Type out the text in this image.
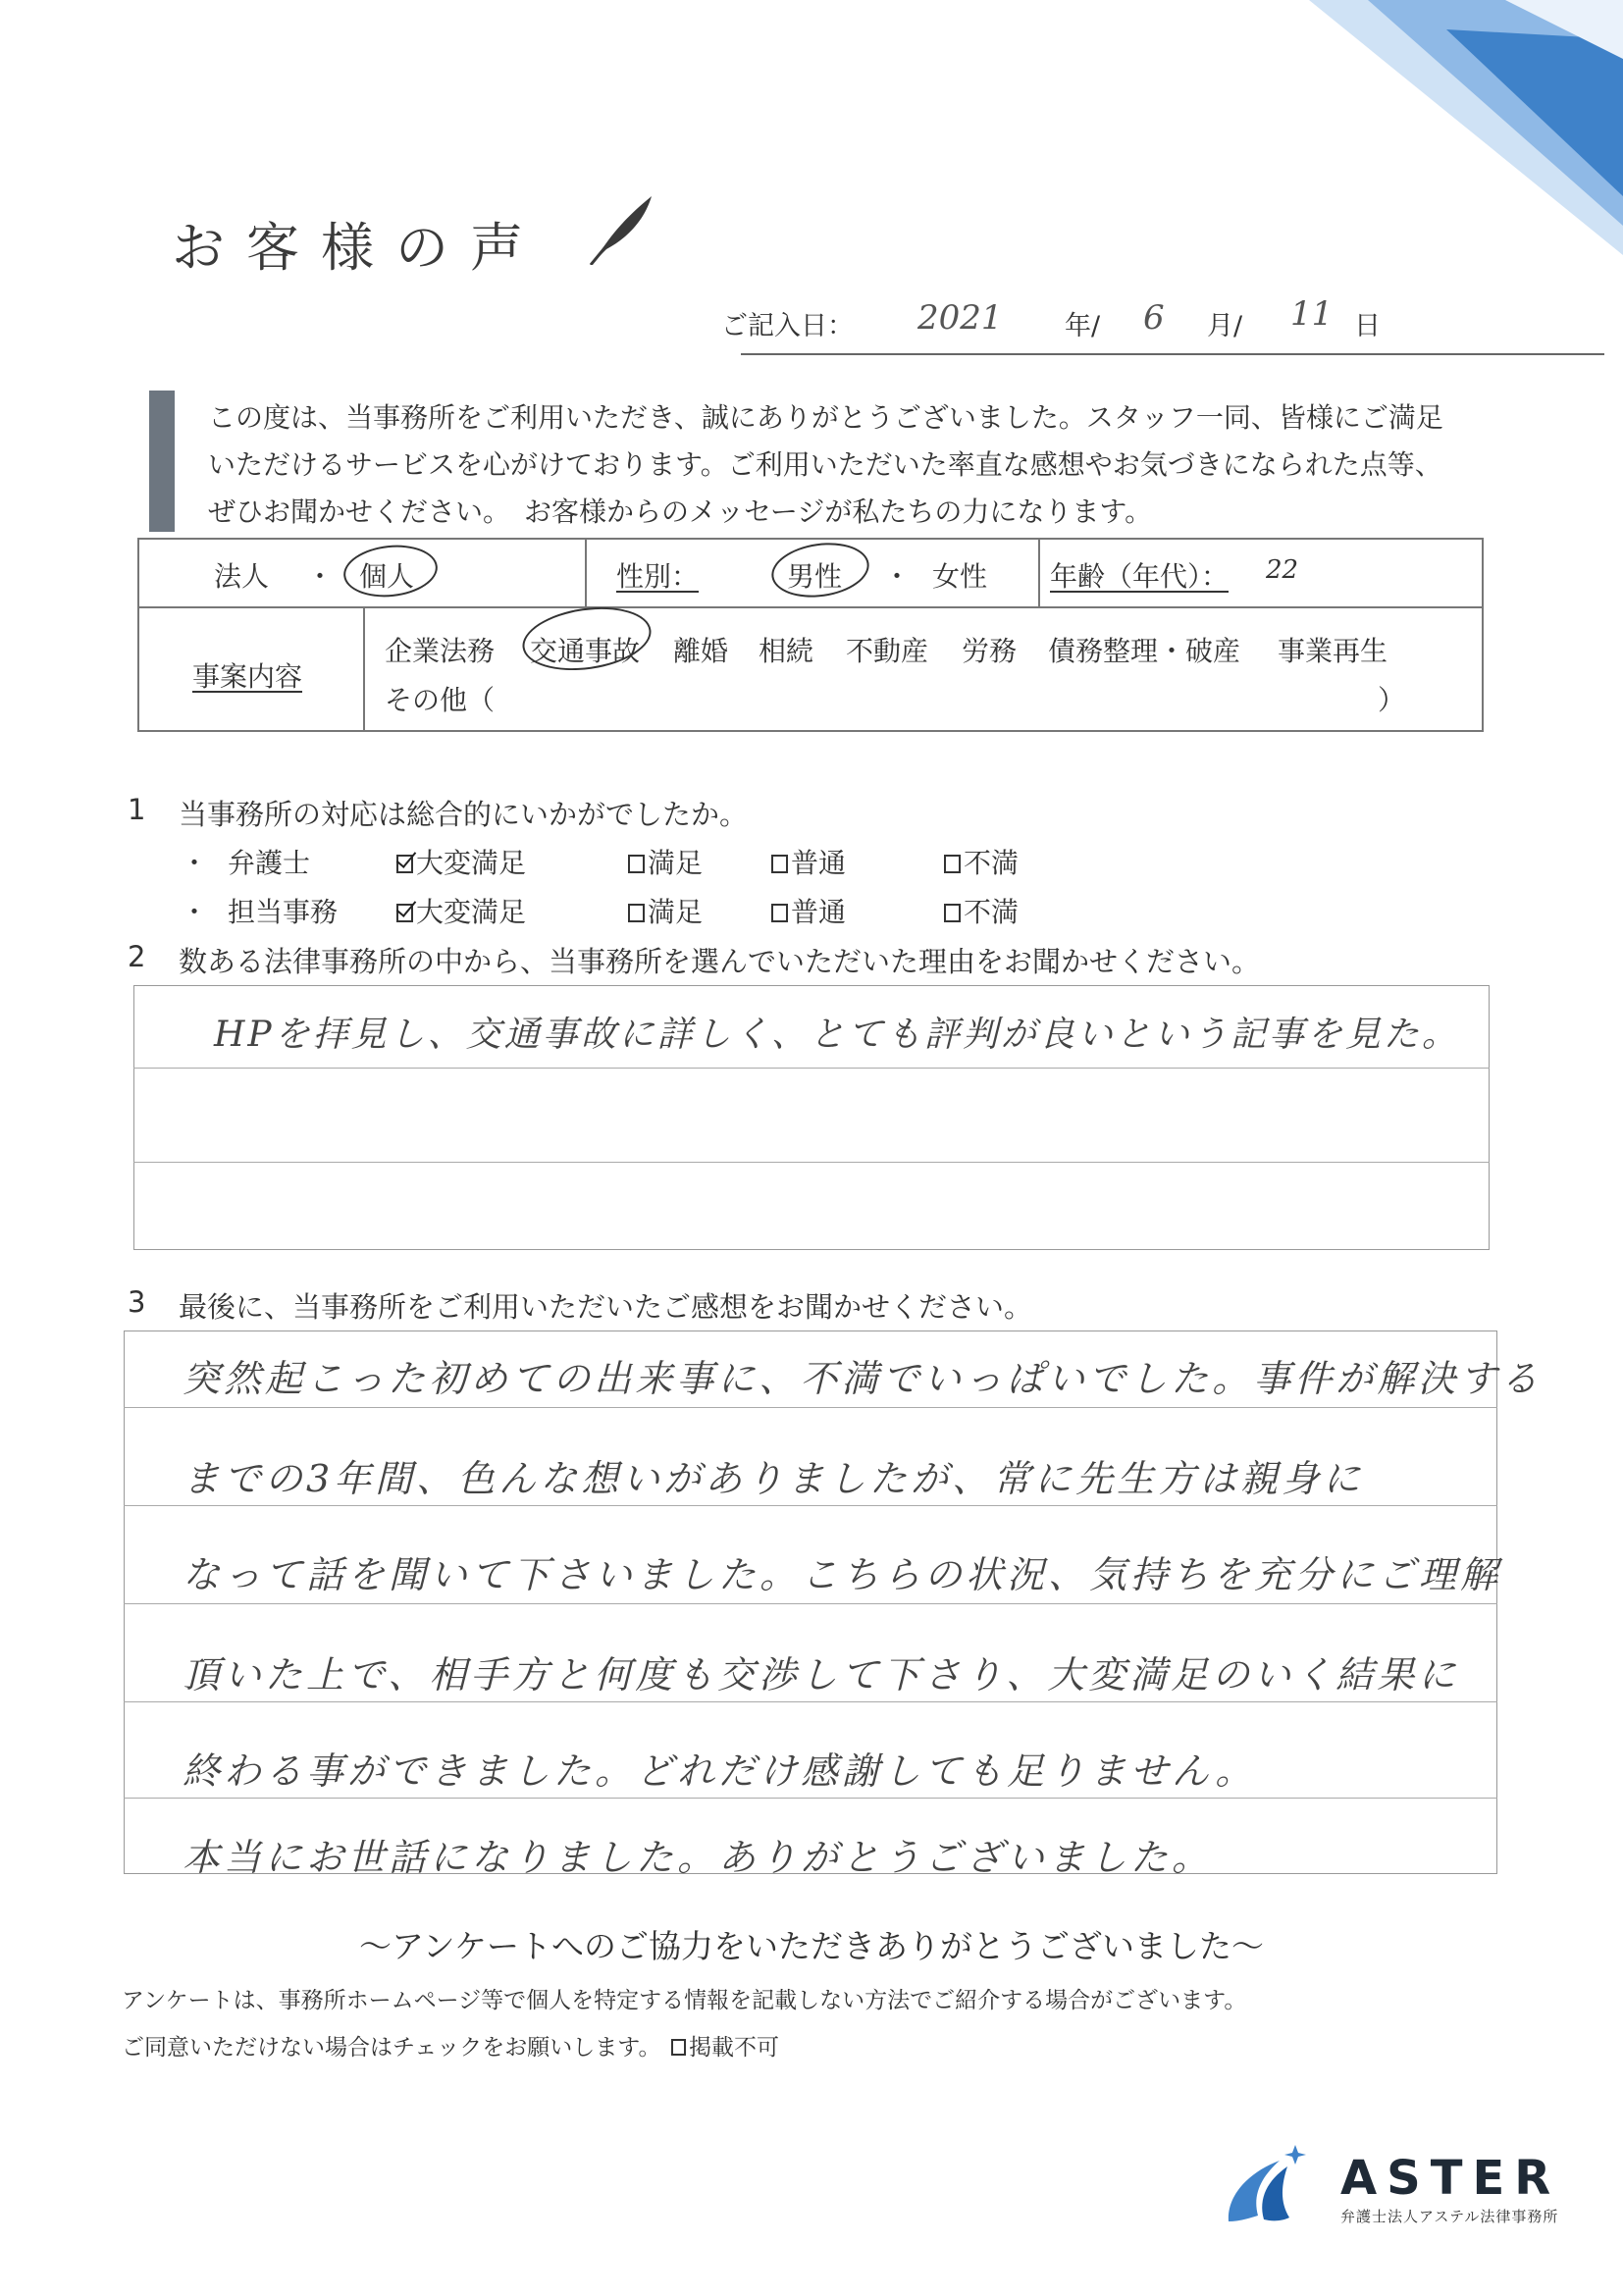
お客様の声
ご記入日： 2021 年/ 6 月/ 11 日

この度は、当事務所をご利用いただき、誠にありがとうございました。スタッフ一同、皆様にご満足

いただけるサービスを心がけております。ご利用いただいた率直な感想やお気づきになられた点等、

ぜひお聞かせください。　お客様からのメッセージが私たちの力になります。

法人 ・ 個人	性別：	男性 ・ 女性 年齢（年代）： 22
事案内容
企業法務 交通事故 離婚 相続 不動産 労務 債務整理・破産 事業再生
その他（	）
1 当事務所の対応は総合的にいかがでしたか。
・ 弁護士	大変満足	満足	普通	不満
・ 担当事務	大変満足	満足	普通	不満
2 数ある法律事務所の中から、当事務所を選んでいただいた理由をお聞かせください。
HPを拝見し、交通事故に詳しく、とても評判が良いという記事を見た。
3 最後に、当事務所をご利用いただいたご感想をお聞かせください。
突然起こった初めての出来事に、不満でいっぱいでした。事件が解決する
までの3年間、色んな想いがありましたが、常に先生方は親身に
なって話を聞いて下さいました。こちらの状況、気持ちを充分にご理解
頂いた上で、相手方と何度も交渉して下さり、大変満足のいく結果に
終わる事ができました。どれだけ感謝しても足りません。
本当にお世話になりました。ありがとうございました。
〜アンケートへのご協力をいただきありがとうございました〜
アンケートは、事務所ホームページ等で個人を特定する情報を記載しない方法でご紹介する場合がございます。
ご同意いただけない場合はチェックをお願いします。	掲載不可
ASTER
弁護士法人アステル法律事務所
